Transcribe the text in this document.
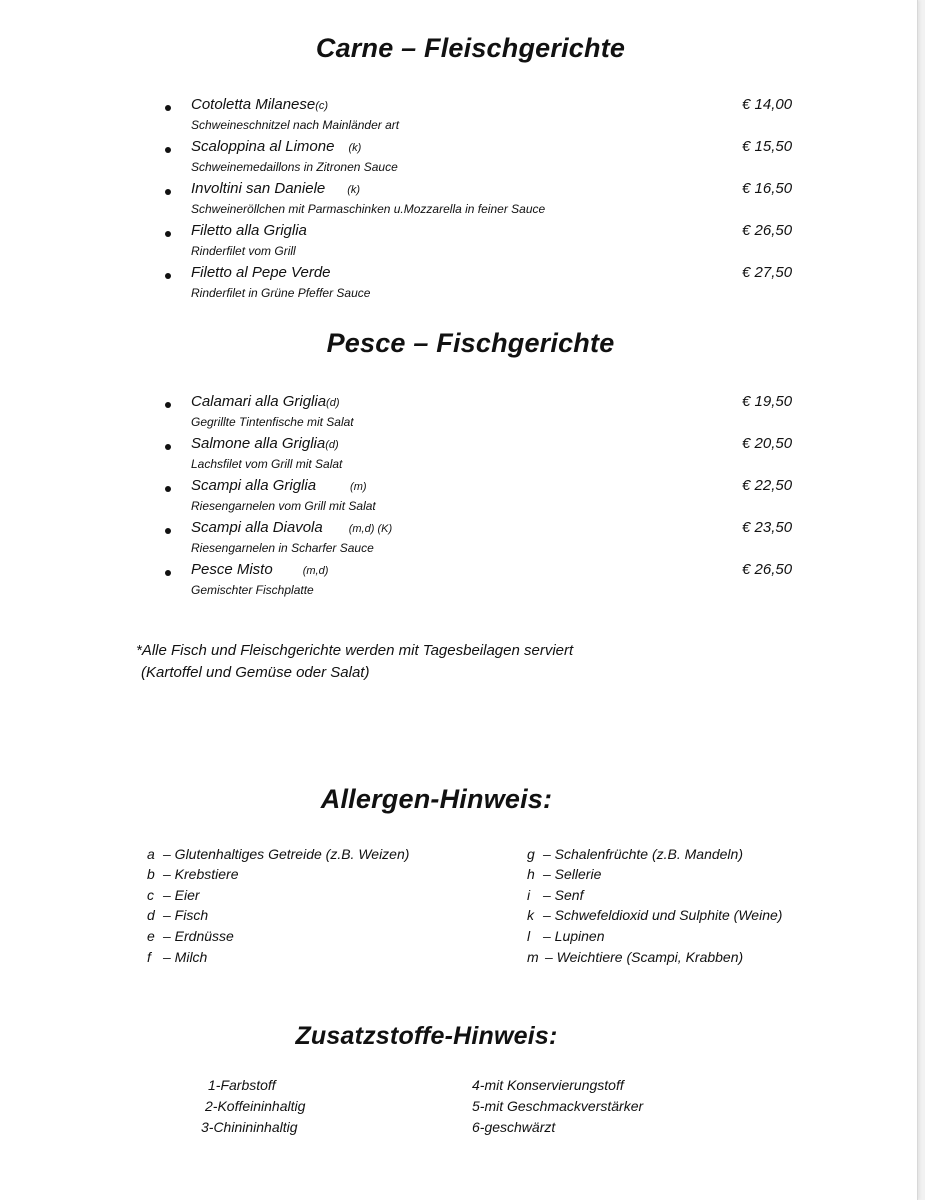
Carne – Fleischgerichte
Cotoletta Milanese(c)
Schweineschnitzel nach Mainländer art
€ 14,00
Scaloppina al Limone (k)
Schweinemedaillons in Zitronen Sauce
€ 15,50
Involtini san Daniele (k)
Schweineröllchen mit Parmaschinken u.Mozzarella in feiner Sauce
€ 16,50
Filetto alla Griglia
Rinderfilet vom Grill
€ 26,50
Filetto al Pepe Verde
Rinderfilet in Grüne Pfeffer Sauce
€ 27,50
Pesce – Fischgerichte
Calamari alla Griglia(d)
Gegrillte Tintenfische mit Salat
€ 19,50
Salmone alla Griglia(d)
Lachsfilet vom Grill mit Salat
€ 20,50
Scampi alla Griglia	(m)
Riesengarnelen vom Grill mit Salat
€ 22,50
Scampi alla Diavola (m,d) (K)
Riesengarnelen in Scharfer Sauce
€ 23,50
Pesce Misto	(m,d)
Gemischter Fischplatte
€ 26,50
*Alle Fisch und Fleischgerichte werden mit Tagesbeilagen serviert
(Kartoffel und Gemüse oder Salat)
Allergen-Hinweis:
a – Glutenhaltiges Getreide (z.B. Weizen)
b – Krebstiere
c – Eier
d – Fisch
e – Erdnüsse
f – Milch
g – Schalenfrüchte (z.B. Mandeln)
h – Sellerie
i – Senf
k – Schwefeldioxid und Sulphite (Weine)
l – Lupinen
m – Weichtiere (Scampi, Krabben)
Zusatzstoffe-Hinweis:
1-Farbstoff
2-Koffeininhaltig
3-Chinininhaltig
4-mit Konservierungstoff
5-mit Geschmackverstärker
6-geschwärzt
